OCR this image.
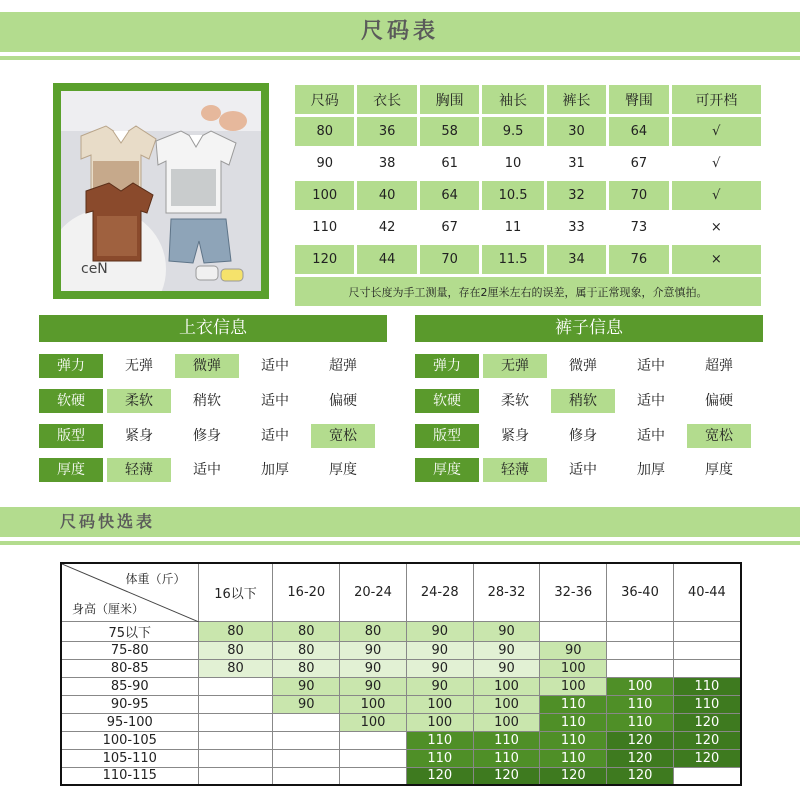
尺码表
ceN
尺码	衣长	胸围	袖长	裤长	臀围	可开档
80	36	58	9.5	30	64	√
90	38	61	10	31	67	√
100	40	64	10.5	32	70	√
110	42	67	11	33	73	×
120	44	70	11.5	34	76	×
尺寸长度为手工测量，存在2厘米左右的误差，属于正常现象，介意慎拍。						
上衣信息
弹力	无弹	微弹	适中	超弹
软硬	柔软	稍软	适中	偏硬
版型	紧身	修身	适中	宽松
厚度	轻薄	适中	加厚	厚度
裤子信息
弹力	无弹	微弹	适中	超弹
软硬	柔软	稍软	适中	偏硬
版型	紧身	修身	适中	宽松
厚度	轻薄	适中	加厚	厚度
尺码快选表
体重（斤）
身高（厘米）	16以下	16-20	20-24	24-28	28-32	32-36	36-40	40-44
75以下	80	80	80	90	90			
75-80	80	80	90	90	90	90		
80-85	80	80	90	90	90	100		
85-90		90	90	90	100	100	100	110
90-95		90	100	100	100	110	110	110
95-100			100	100	100	110	110	120
100-105				110	110	110	120	120
105-110				110	110	110	120	120
110-115				120	120	120	120	
